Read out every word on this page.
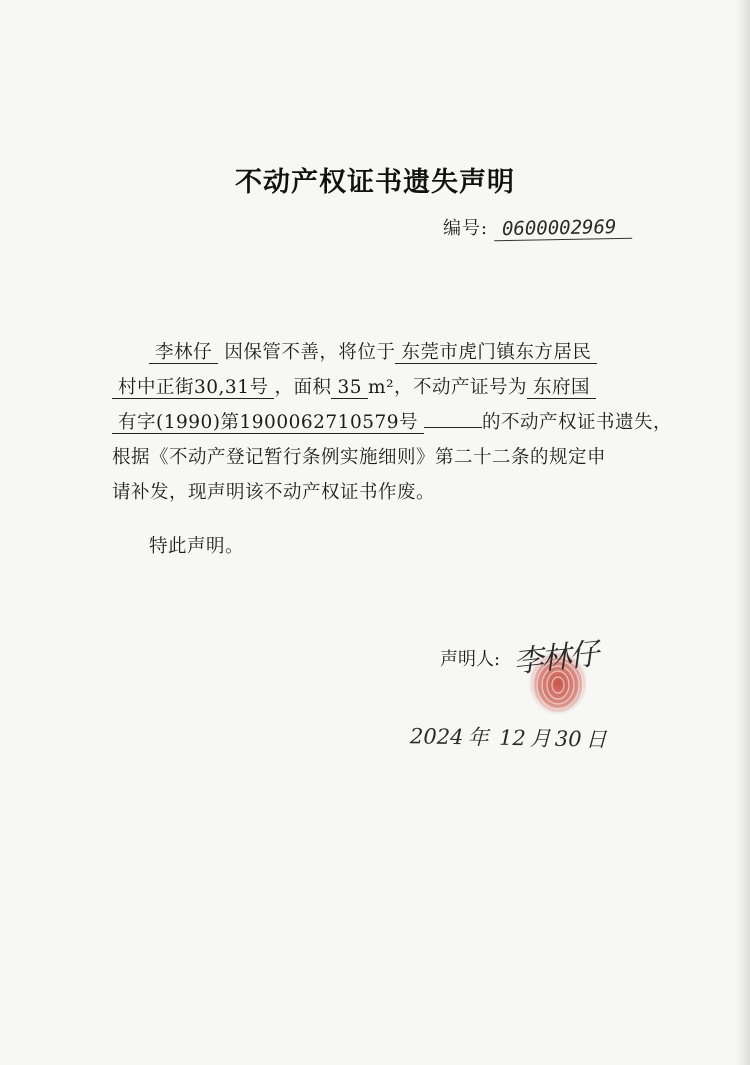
不动产权证书遗失声明
编号: 0600002969
李林仔 因保管不善，将位于 东莞市虎门镇东方居民
村中正街30,31号 ，面积 35 m²，不动产证号为 东府国
有字(1990)第1900062710579号	的不动产权证书遗失，
根据《不动产登记暂行条例实施细则》第二十二条的规定申
请补发，现声明该不动产权证书作废。
特此声明。
声明人: 李林仔
2024 年 12 月 30 日
